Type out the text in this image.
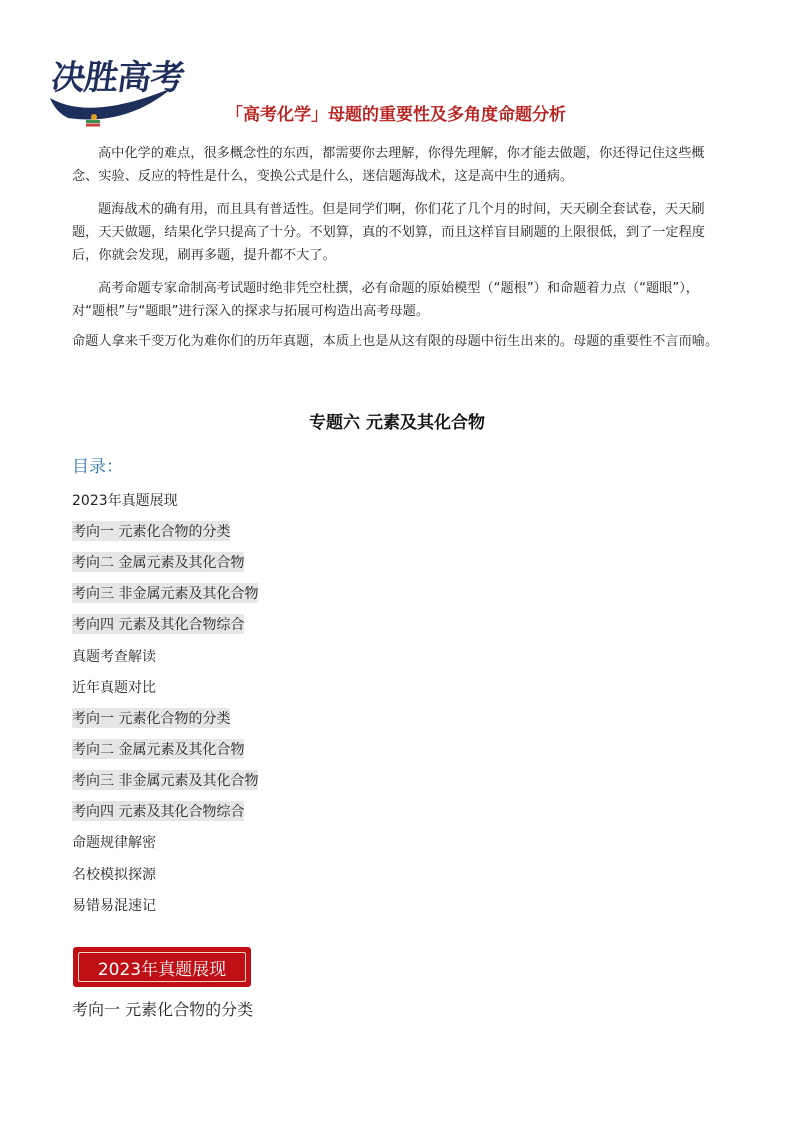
决胜高考
「高考化学」母题的重要性及多角度命题分析

高中化学的难点，很多概念性的东西，都需要你去理解，你得先理解，你才能去做题，你还得记住这些概念、实验、反应的特性是什么，变换公式是什么，迷信题海战术，这是高中生的通病。

题海战术的确有用，而且具有普适性。但是同学们啊，你们花了几个月的时间，天天刷全套试卷，天天刷题，天天做题，结果化学只提高了十分。不划算，真的不划算，而且这样盲目刷题的上限很低，到了一定程度后，你就会发现，刷再多题，提升都不大了。

高考命题专家命制高考试题时绝非凭空杜撰，必有命题的原始模型（“题根”）和命题着力点（“题眼”），对“题根”与“题眼”进行深入的探求与拓展可构造出高考母题。

命题人拿来千变万化为难你们的历年真题，本质上也是从这有限的母题中衍生出来的。母题的重要性不言而喻。

专题六 元素及其化合物
目录：
2023年真题展现
考向一 元素化合物的分类
考向二 金属元素及其化合物
考向三 非金属元素及其化合物
考向四 元素及其化合物综合
真题考查解读
近年真题对比
考向一 元素化合物的分类
考向二 金属元素及其化合物
考向三 非金属元素及其化合物
考向四 元素及其化合物综合
命题规律解密
名校模拟探源
易错易混速记
2023年真题展现
考向一 元素化合物的分类
